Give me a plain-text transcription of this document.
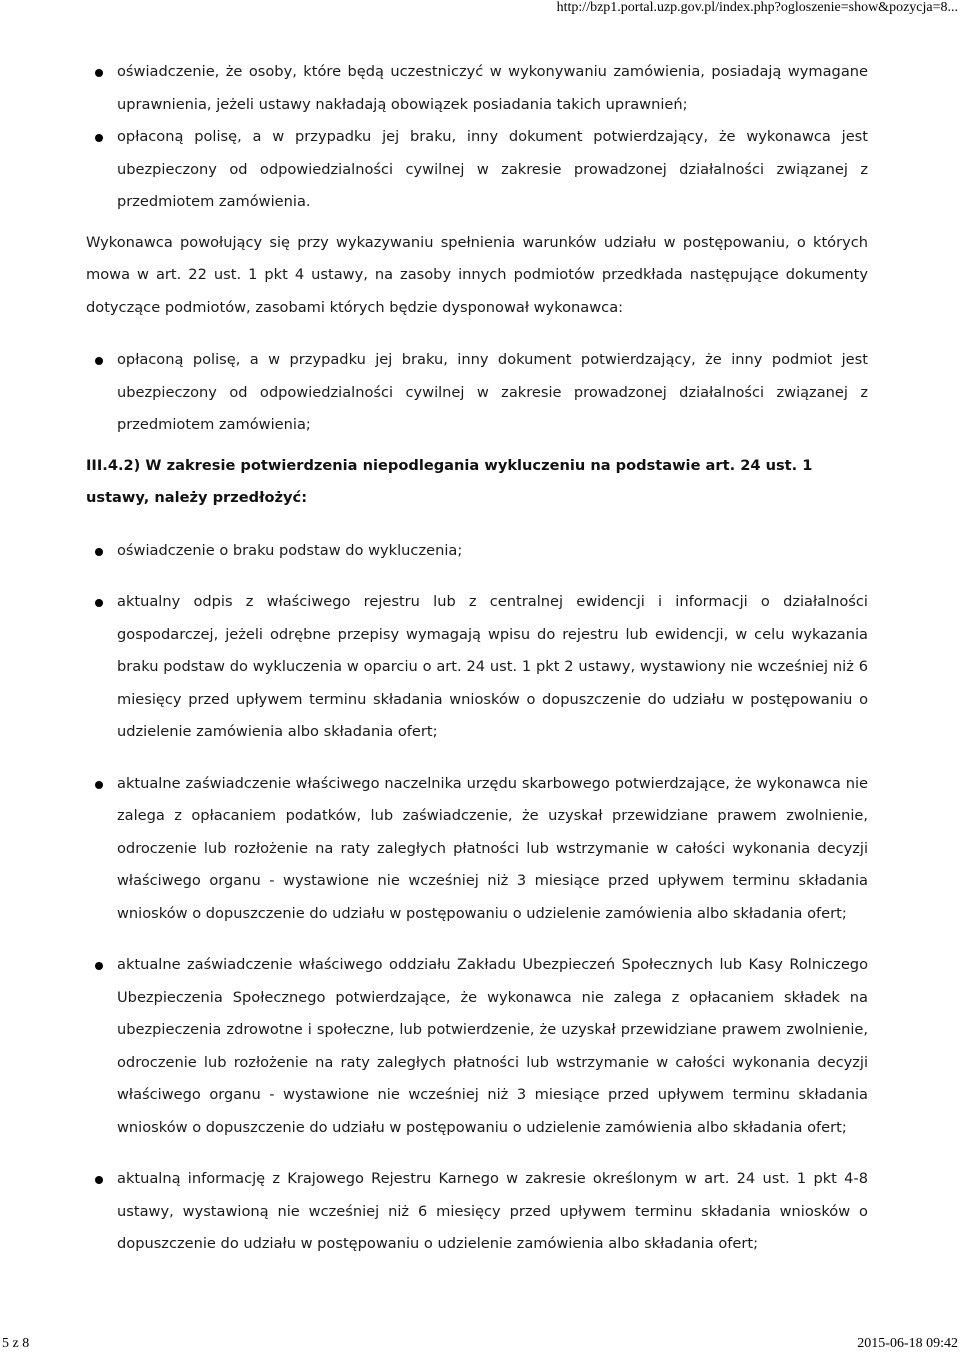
http://bzp1.portal.uzp.gov.pl/index.php?ogloszenie=show&pozycja=8...
oświadczenie, że osoby, które będą uczestniczyć w wykonywaniu zamówienia, posiadają wymagane uprawnienia, jeżeli ustawy nakładają obowiązek posiadania takich uprawnień;
opłaconą polisę, a w przypadku jej braku, inny dokument potwierdzający, że wykonawca jest ubezpieczony od odpowiedzialności cywilnej w zakresie prowadzonej działalności związanej z przedmiotem zamówienia.

Wykonawca powołujący się przy wykazywaniu spełnienia warunków udziału w postępowaniu, o których mowa w art. 22 ust. 1 pkt 4 ustawy, na zasoby innych podmiotów przedkłada następujące dokumenty dotyczące podmiotów, zasobami których będzie dysponował wykonawca:

opłaconą polisę, a w przypadku jej braku, inny dokument potwierdzający, że inny podmiot jest ubezpieczony od odpowiedzialności cywilnej w zakresie prowadzonej działalności związanej z przedmiotem zamówienia;

III.4.2) W zakresie potwierdzenia niepodlegania wykluczeniu na podstawie art. 24 ust. 1 ustawy, należy przedłożyć:

oświadczenie o braku podstaw do wykluczenia;
aktualny odpis z właściwego rejestru lub z centralnej ewidencji i informacji o działalności gospodarczej, jeżeli odrębne przepisy wymagają wpisu do rejestru lub ewidencji, w celu wykazania braku podstaw do wykluczenia w oparciu o art. 24 ust. 1 pkt 2 ustawy, wystawiony nie wcześniej niż 6 miesięcy przed upływem terminu składania wniosków o dopuszczenie do udziału w postępowaniu o udzielenie zamówienia albo składania ofert;
aktualne zaświadczenie właściwego naczelnika urzędu skarbowego potwierdzające, że wykonawca nie zalega z opłacaniem podatków, lub zaświadczenie, że uzyskał przewidziane prawem zwolnienie, odroczenie lub rozłożenie na raty zaległych płatności lub wstrzymanie w całości wykonania decyzji właściwego organu - wystawione nie wcześniej niż 3 miesiące przed upływem terminu składania wniosków o dopuszczenie do udziału w postępowaniu o udzielenie zamówienia albo składania ofert;
aktualne zaświadczenie właściwego oddziału Zakładu Ubezpieczeń Społecznych lub Kasy Rolniczego Ubezpieczenia Społecznego potwierdzające, że wykonawca nie zalega z opłacaniem składek na ubezpieczenia zdrowotne i społeczne, lub potwierdzenie, że uzyskał przewidziane prawem zwolnienie, odroczenie lub rozłożenie na raty zaległych płatności lub wstrzymanie w całości wykonania decyzji właściwego organu - wystawione nie wcześniej niż 3 miesiące przed upływem terminu składania wniosków o dopuszczenie do udziału w postępowaniu o udzielenie zamówienia albo składania ofert;
aktualną informację z Krajowego Rejestru Karnego w zakresie określonym w art. 24 ust. 1 pkt 4-8 ustawy, wystawioną nie wcześniej niż 6 miesięcy przed upływem terminu składania wniosków o dopuszczenie do udziału w postępowaniu o udzielenie zamówienia albo składania ofert;
5 z 8	2015-06-18 09:42
